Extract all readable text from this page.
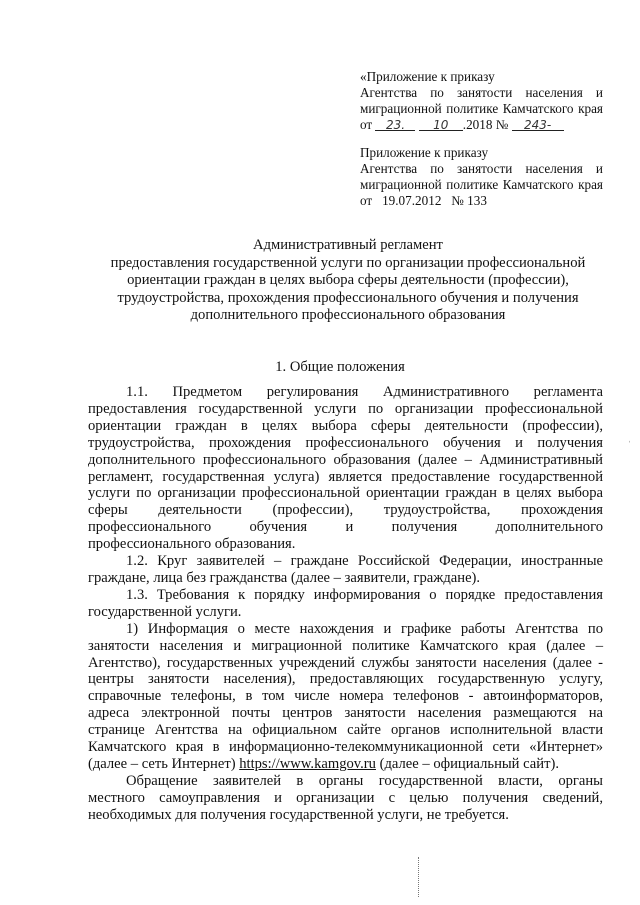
«Приложение к приказу
Агентства по занятости населения и
миграционной политике Камчатского края
от 23. 10 .2018 № 243-
Приложение к приказу
Агентства по занятости населения и
миграционной политике Камчатского края
от   19.07.2012   № 133
Административный регламент
предоставления государственной услуги по организации профессиональной
ориентации граждан в целях выбора сферы деятельности (профессии),
трудоустройства, прохождения профессионального обучения и получения
дополнительного профессионального образования
1. Общие положения
1.1. Предметом регулирования Административного регламента
предоставления государственной услуги по организации профессиональной
ориентации граждан в целях выбора сферы деятельности (профессии),
трудоустройства, прохождения профессионального обучения и получения
дополнительного профессионального образования (далее – Административный
регламент, государственная услуга) является предоставление государственной
услуги по организации профессиональной ориентации граждан в целях выбора
сферы деятельности (профессии), трудоустройства, прохождения
профессионального обучения и получения дополнительного
профессионального образования.
1.2. Круг заявителей – граждане Российской Федерации, иностранные
граждане, лица без гражданства (далее – заявители, граждане).
1.3. Требования к порядку информирования о порядке предоставления
государственной услуги.
1) Информация о месте нахождения и графике работы Агентства по
занятости населения и миграционной политике Камчатского края (далее –
Агентство), государственных учреждений службы занятости населения (далее -
центры занятости населения), предоставляющих государственную услугу,
справочные телефоны, в том числе номера телефонов - автоинформаторов,
адреса электронной почты центров занятости населения размещаются на
странице Агентства на официальном сайте органов исполнительной власти
Камчатского края в информационно-телекоммуникационной сети «Интернет»
(далее – сеть Интернет) https://www.kamgov.ru (далее – официальный сайт).
Обращение заявителей в органы государственной власти, органы
местного самоуправления и организации с целью получения сведений,
необходимых для получения государственной услуги, не требуется.
ˈ
